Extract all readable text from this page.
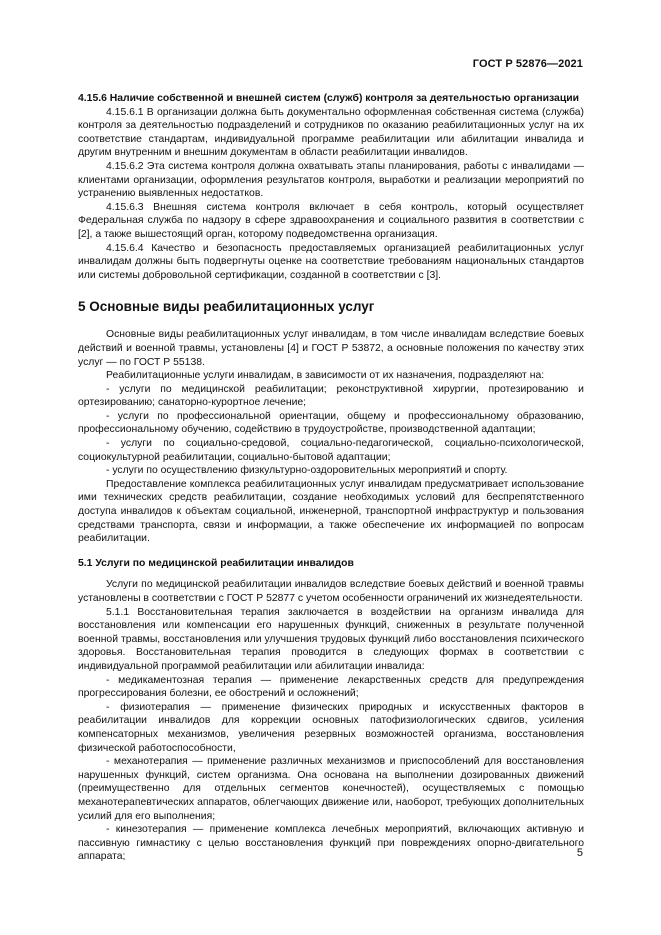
ГОСТ Р 52876—2021

4.15.6 Наличие собственной и внешней систем (служб) контроля за деятельностью организации

4.15.6.1 В организации должна быть документально оформленная собственная система (служба) контроля за деятельностью подразделений и сотрудников по оказанию реабилитационных услуг на их соответствие стандартам, индивидуальной программе реабилитации или абилитации инвалида и другим внутренним и внешним документам в области реабилитации инвалидов.

4.15.6.2 Эта система контроля должна охватывать этапы планирования, работы с инвалидами — клиентами организации, оформления результатов контроля, выработки и реализации мероприятий по устранению выявленных недостатков.

4.15.6.3 Внешняя система контроля включает в себя контроль, который осуществляет Федеральная служба по надзору в сфере здравоохранения и социального развития в соответствии с [2], а также вышестоящий орган, которому подведомственна организация.

4.15.6.4 Качество и безопасность предоставляемых организацией реабилитационных услуг инвалидам должны быть подвергнуты оценке на соответствие требованиям национальных стандартов или системы добровольной сертификации, созданной в соответствии с [3].

5 Основные виды реабилитационных услуг

Основные виды реабилитационных услуг инвалидам, в том числе инвалидам вследствие боевых действий и военной травмы, установлены [4] и ГОСТ Р 53872, а основные положения по качеству этих услуг — по ГОСТ Р 55138.

Реабилитационные услуги инвалидам, в зависимости от их назначения, подразделяют на:

- услуги по медицинской реабилитации; реконструктивной хирургии, протезированию и ортезированию; санаторно-курортное лечение;

- услуги по профессиональной ориентации, общему и профессиональному образованию, профессиональному обучению, содействию в трудоустройстве, производственной адаптации;

- услуги по социально-средовой, социально-педагогической, социально-психологической, социокультурной реабилитации, социально-бытовой адаптации;

- услуги по осуществлению физкультурно-оздоровительных мероприятий и спорту.

Предоставление комплекса реабилитационных услуг инвалидам предусматривает использование ими технических средств реабилитации, создание необходимых условий для беспрепятственного доступа инвалидов к объектам социальной, инженерной, транспортной инфраструктур и пользования средствами транспорта, связи и информации, а также обеспечение их информацией по вопросам реабилитации.

5.1 Услуги по медицинской реабилитации инвалидов

Услуги по медицинской реабилитации инвалидов вследствие боевых действий и военной травмы установлены в соответствии с ГОСТ Р 52877 с учетом особенности ограничений их жизнедеятельности.

5.1.1 Восстановительная терапия заключается в воздействии на организм инвалида для восстановления или компенсации его нарушенных функций, сниженных в результате полученной военной травмы, восстановления или улучшения трудовых функций либо восстановления психического здоровья. Восстановительная терапия проводится в следующих формах в соответствии с индивидуальной программой реабилитации или абилитации инвалида:

- медикаментозная терапия — применение лекарственных средств для предупреждения прогрессирования болезни, ее обострений и осложнений;

- физиотерапия — применение физических природных и искусственных факторов в реабилитации инвалидов для коррекции основных патофизиологических сдвигов, усиления компенсаторных механизмов, увеличения резервных возможностей организма, восстановления физической работоспособности,

- механотерапия — применение различных механизмов и приспособлений для восстановления нарушенных функций, систем организма. Она основана на выполнении дозированных движений (преимущественно для отдельных сегментов конечностей), осуществляемых с помощью механотерапевтических аппаратов, облегчающих движение или, наоборот, требующих дополнительных усилий для его выполнения;

- кинезотерапия — применение комплекса лечебных мероприятий, включающих активную и пассивную гимнастику с целью восстановления функций при повреждениях опорно-двигательного аппарата;	5
